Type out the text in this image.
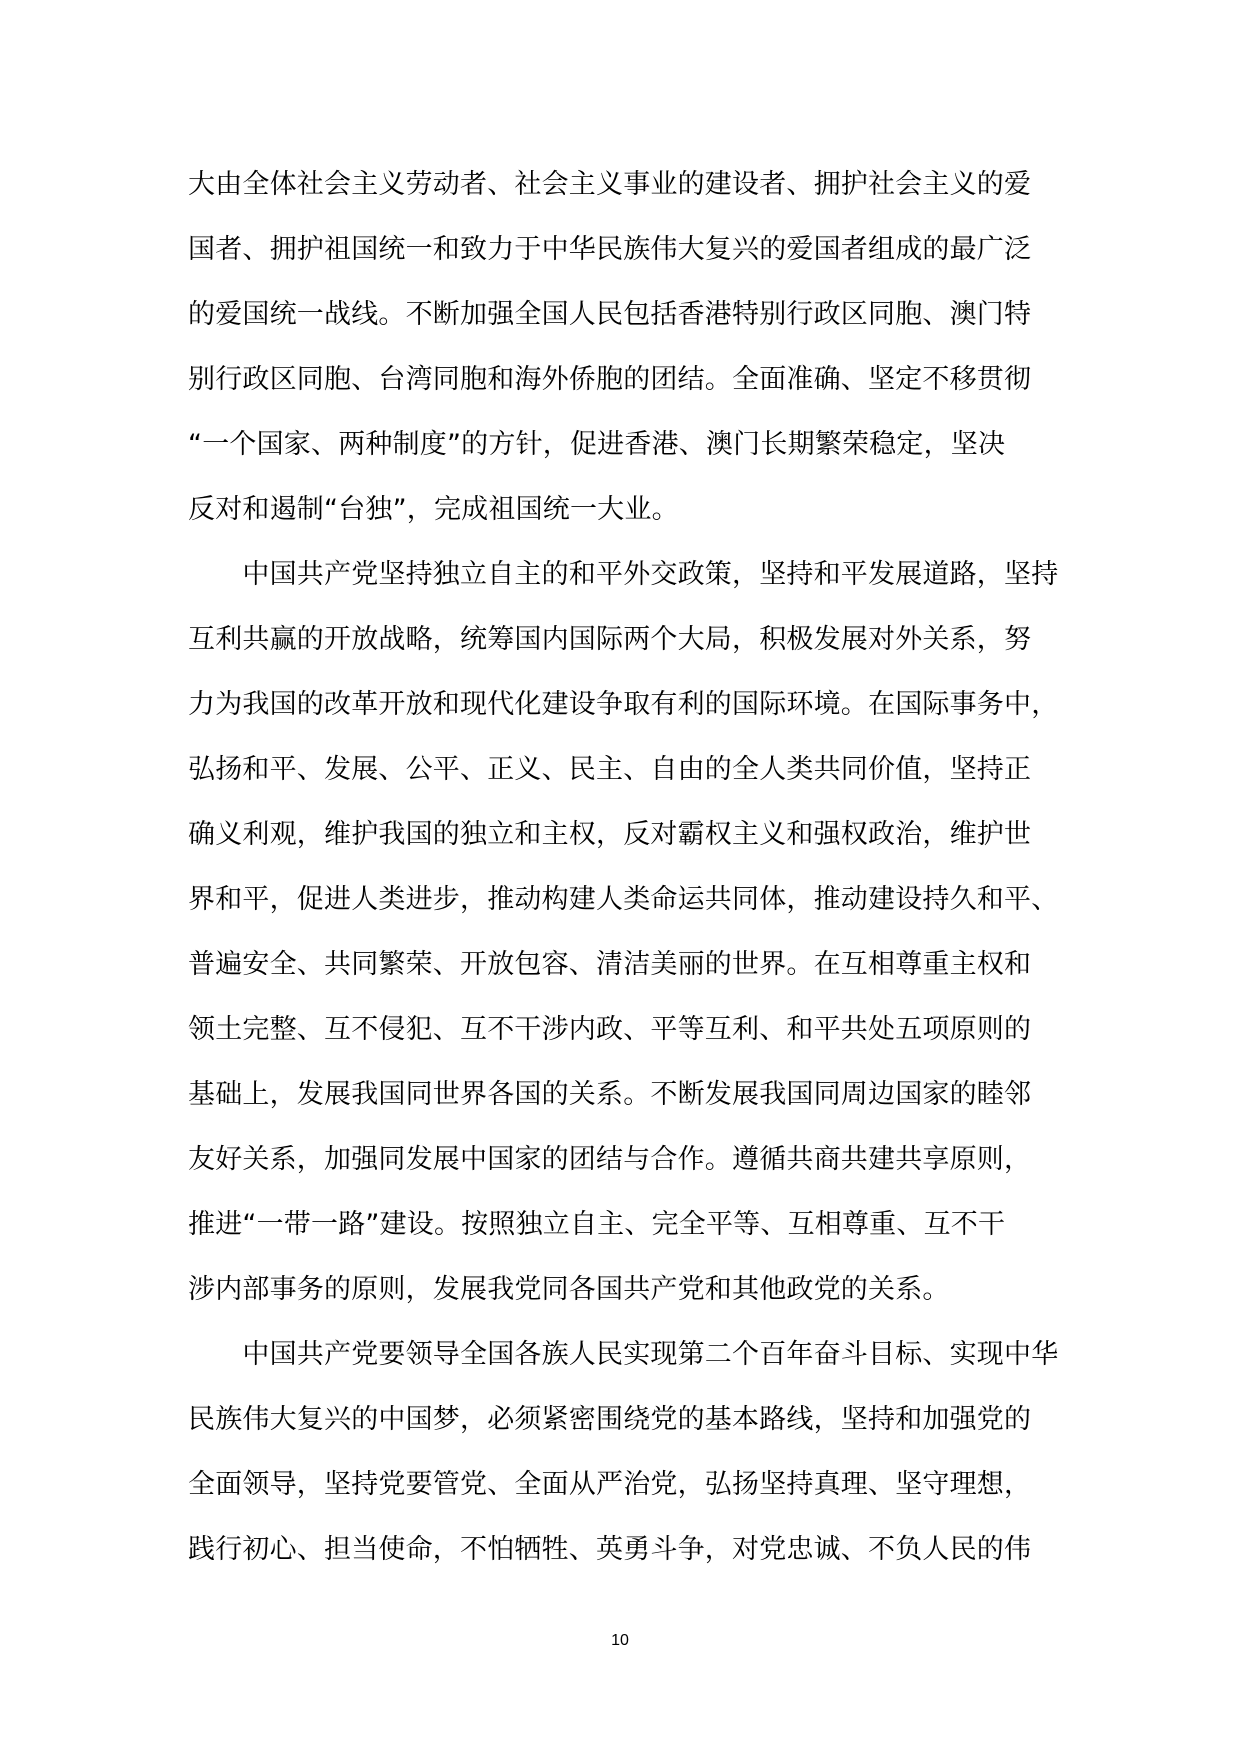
大由全体社会主义劳动者、社会主义事业的建设者、拥护社会主义的爱
国者、拥护祖国统一和致力于中华民族伟大复兴的爱国者组成的最广泛
的爱国统一战线。不断加强全国人民包括香港特别行政区同胞、澳门特
别行政区同胞、台湾同胞和海外侨胞的团结。全面准确、坚定不移贯彻
“一个国家、两种制度”的方针，促进香港、澳门长期繁荣稳定，坚决
反对和遏制“台独”，完成祖国统一大业。
　　中国共产党坚持独立自主的和平外交政策，坚持和平发展道路，坚持
互利共赢的开放战略，统筹国内国际两个大局，积极发展对外关系，努
力为我国的改革开放和现代化建设争取有利的国际环境。在国际事务中，
弘扬和平、发展、公平、正义、民主、自由的全人类共同价值，坚持正
确义利观，维护我国的独立和主权，反对霸权主义和强权政治，维护世
界和平，促进人类进步，推动构建人类命运共同体，推动建设持久和平、
普遍安全、共同繁荣、开放包容、清洁美丽的世界。在互相尊重主权和
领土完整、互不侵犯、互不干涉内政、平等互利、和平共处五项原则的
基础上，发展我国同世界各国的关系。不断发展我国同周边国家的睦邻
友好关系，加强同发展中国家的团结与合作。遵循共商共建共享原则，
推进“一带一路”建设。按照独立自主、完全平等、互相尊重、互不干
涉内部事务的原则，发展我党同各国共产党和其他政党的关系。
　　中国共产党要领导全国各族人民实现第二个百年奋斗目标、实现中华
民族伟大复兴的中国梦，必须紧密围绕党的基本路线，坚持和加强党的
全面领导，坚持党要管党、全面从严治党，弘扬坚持真理、坚守理想，
践行初心、担当使命，不怕牺牲、英勇斗争，对党忠诚、不负人民的伟
10
